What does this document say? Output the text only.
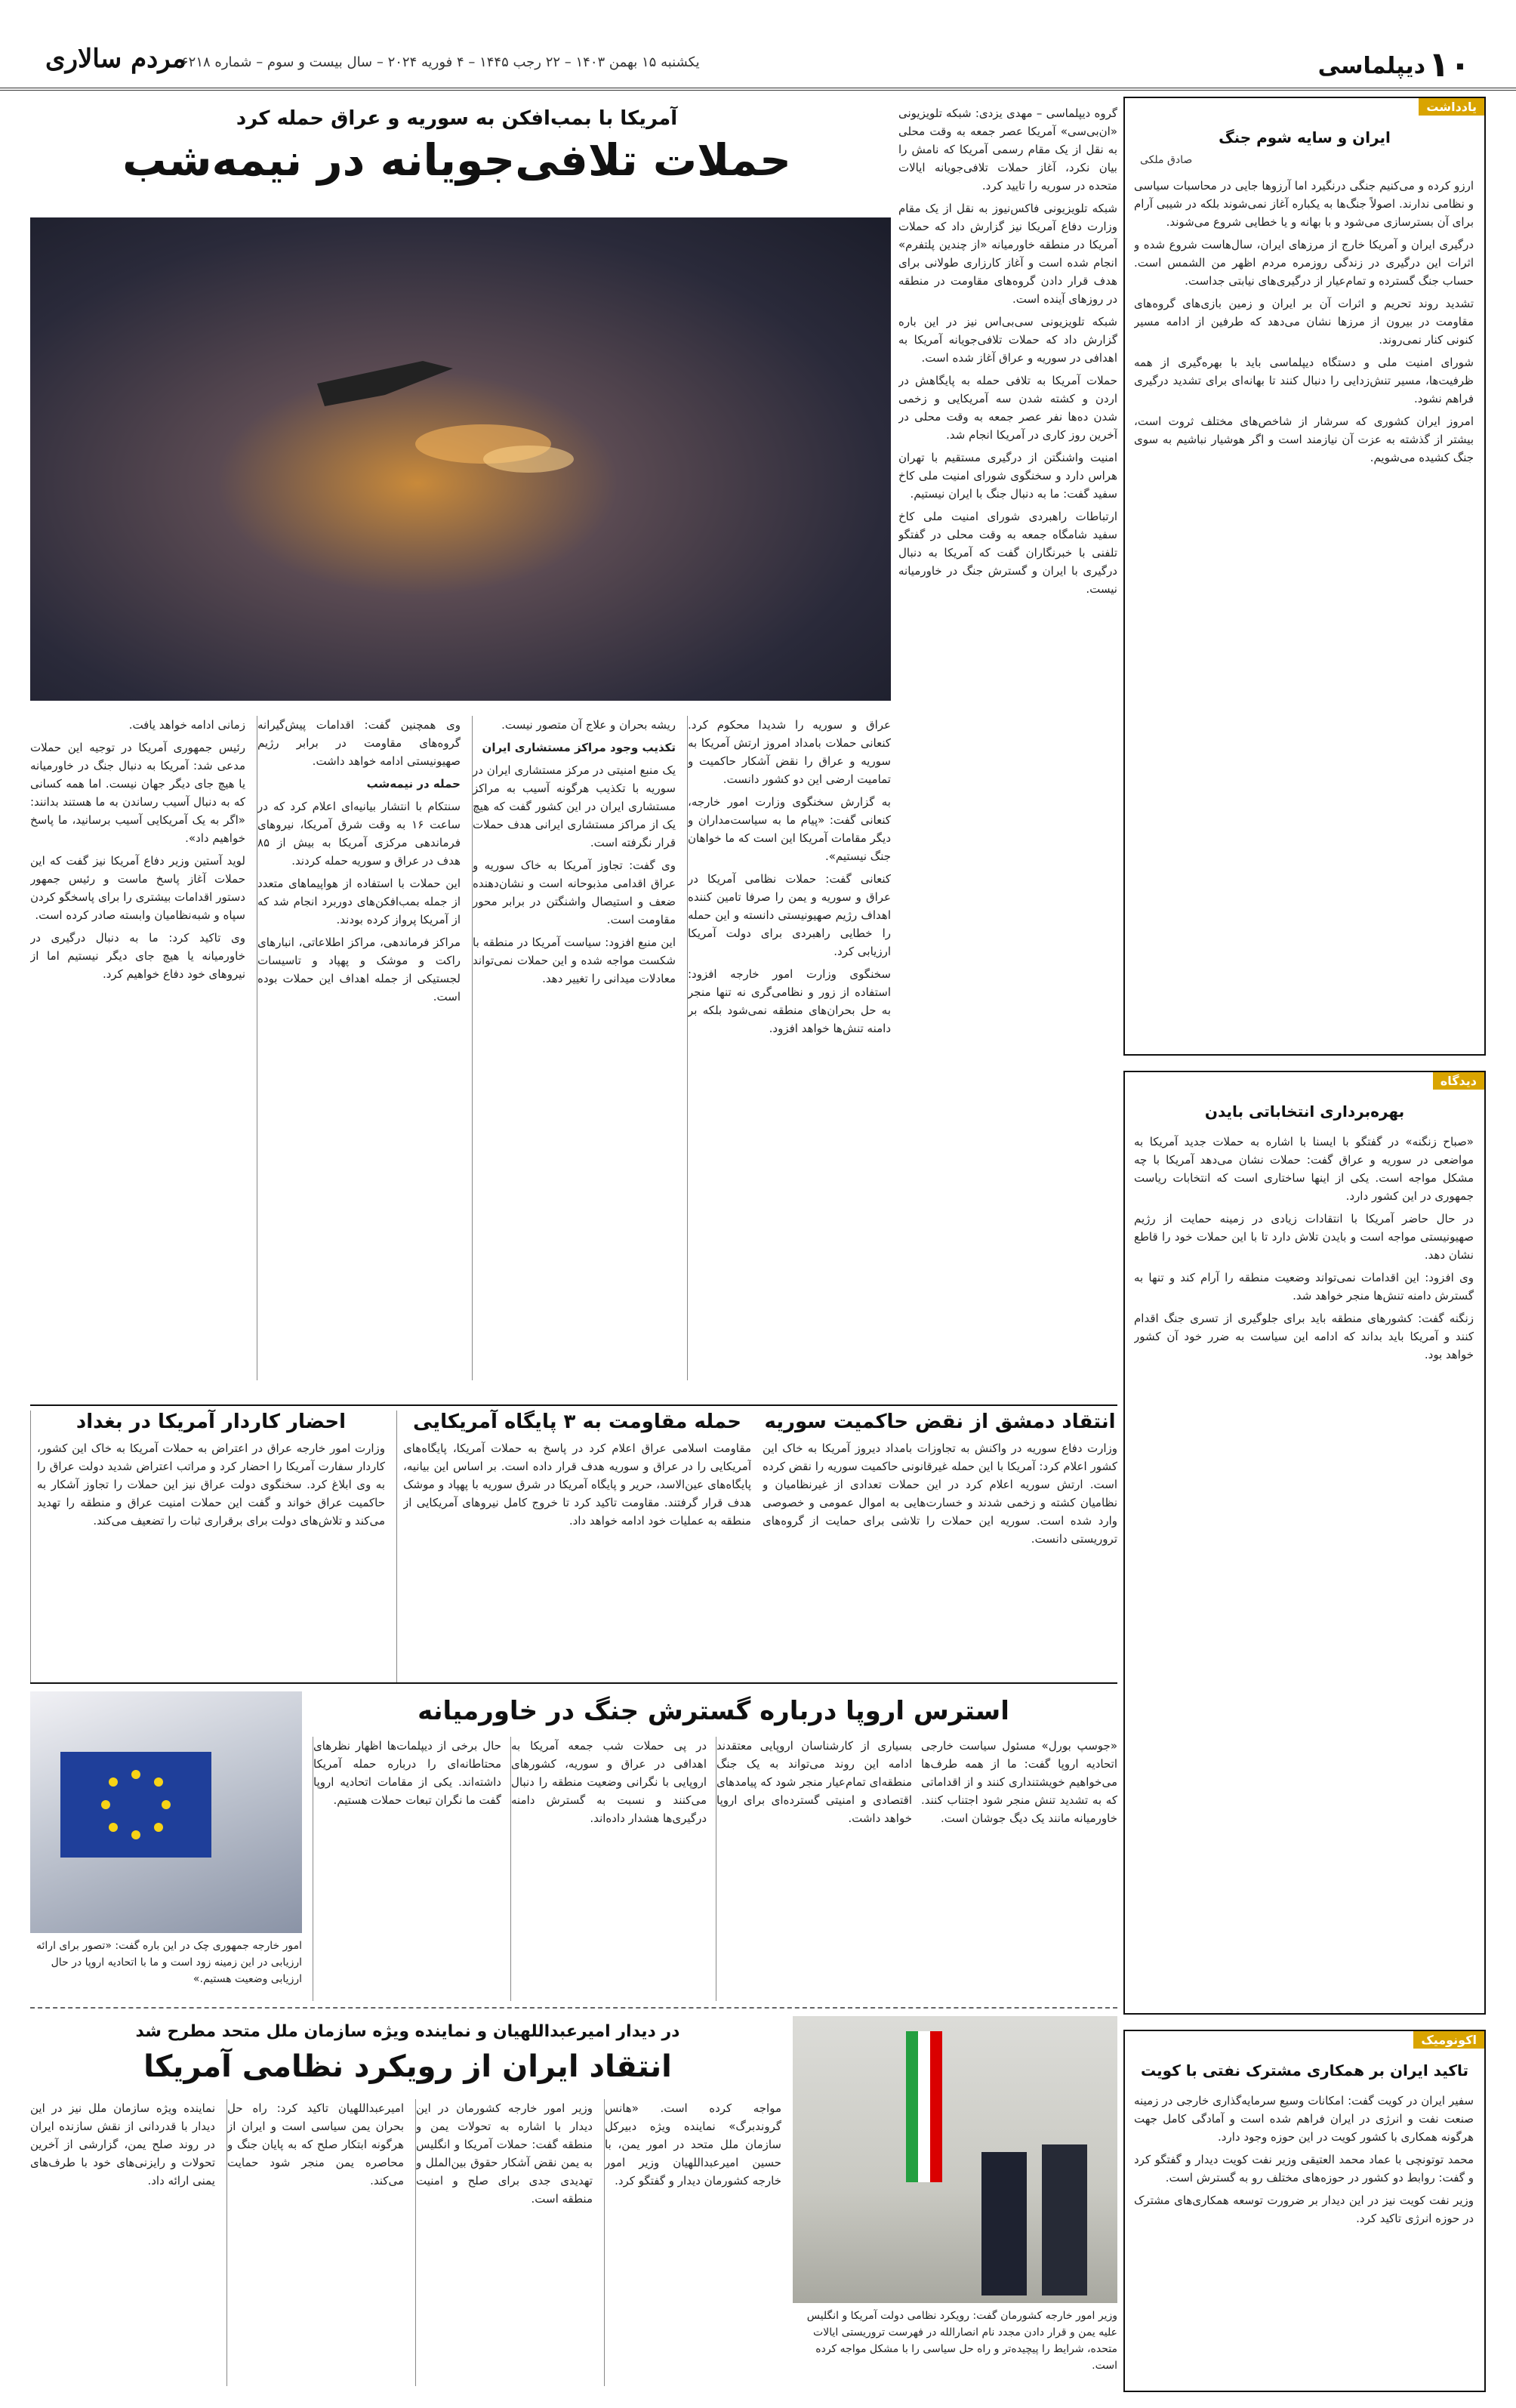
۱۰
دیپلماسی
یکشنبه ۱۵ بهمن ۱۴۰۳ – ۲۲ رجب ۱۴۴۵ – ۴ فوریه ۲۰۲۴ – سال بیست و سوم – شماره ۶۲۱۸
مردم سالاری
یادداشت
ایران و سایه شوم جنگ
صادق ملکی

ارزو کرده و می‌کنیم جنگی درنگیرد اما آرزوها جایی در محاسبات سیاسی و نظامی ندارند. اصولاً جنگ‌ها به یکباره آغاز نمی‌شوند بلکه در شیبی آرام برای آن بسترسازی می‌شود و با بهانه و یا خطایی شروع می‌شوند.

درگیری ایران و آمریکا خارج از مرزهای ایران، سال‌هاست شروع شده و اثرات این درگیری در زندگی روزمره مردم اظهر من الشمس است. حساب جنگ گسترده و تمام‌عیار از درگیری‌های نیابتی جداست.

تشدید روند تحریم و اثرات آن بر ایران و زمین بازی‌های گروه‌های مقاومت در بیرون از مرزها نشان می‌دهد که طرفین از ادامه مسیر کنونی کنار نمی‌روند.

شورای امنیت ملی و دستگاه دیپلماسی باید با بهره‌گیری از همه ظرفیت‌ها، مسیر تنش‌زدایی را دنبال کنند تا بهانه‌ای برای تشدید درگیری فراهم نشود.

امروز ایران کشوری که سرشار از شاخص‌های مختلف ثروت است، بیشتر از گذشته به عزت آن نیازمند است و اگر هوشیار نباشیم به سوی جنگ کشیده می‌شویم.

دیدگاه
بهره‌برداری انتخاباتی بایدن

«صباح زنگنه» در گفتگو با ایسنا با اشاره به حملات جدید آمریکا به مواضعی در سوریه و عراق گفت: حملات نشان می‌دهد آمریکا با چه مشکل مواجه است. یکی از اینها ساختاری است که انتخابات ریاست جمهوری در این کشور دارد.

در حال حاضر آمریکا با انتقادات زیادی در زمینه حمایت از رژیم صهیونیستی مواجه است و بایدن تلاش دارد تا با این حملات خود را قاطع نشان دهد.

وی افزود: این اقدامات نمی‌تواند وضعیت منطقه را آرام کند و تنها به گسترش دامنه تنش‌ها منجر خواهد شد.

زنگنه گفت: کشورهای منطقه باید برای جلوگیری از تسری جنگ اقدام کنند و آمریکا باید بداند که ادامه این سیاست به ضرر خود آن کشور خواهد بود.

اکونومیک
تاکید ایران بر همکاری مشترک نفتی با کویت

سفیر ایران در کویت گفت: امکانات وسیع سرمایه‌گذاری خارجی در زمینه صنعت نفت و انرژی در ایران فراهم شده است و آمادگی کامل جهت هرگونه همکاری با کشور کویت در این حوزه وجود دارد.

محمد توتونچی با عماد محمد العتیقی وزیر نفت کویت دیدار و گفتگو کرد و گفت: روابط دو کشور در حوزه‌های مختلف رو به گسترش است.

وزیر نفت کویت نیز در این دیدار بر ضرورت توسعه همکاری‌های مشترک در حوزه انرژی تاکید کرد.

گروه دیپلماسی – مهدی یزدی: شبکه تلویزیونی «ان‌بی‌سی» آمریکا عصر جمعه به وقت محلی به نقل از یک مقام رسمی آمریکا که نامش را بیان نکرد، آغاز حملات تلافی‌جویانه ایالات متحده در سوریه را تایید کرد.

شبکه تلویزیونی فاکس‌نیوز به نقل از یک مقام وزارت دفاع آمریکا نیز گزارش داد که حملات آمریکا در منطقه خاورمیانه «از چندین پلتفرم» انجام شده است و آغاز کارزاری طولانی برای هدف قرار دادن گروه‌های مقاومت در منطقه در روزهای آینده است.

شبکه تلویزیونی سی‌بی‌اس نیز در این باره گزارش داد که حملات تلافی‌جویانه آمریکا به اهدافی در سوریه و عراق آغاز شده است.

حملات آمریکا به تلافی حمله به پایگاهش در اردن و کشته شدن سه آمریکایی و زخمی شدن ده‌ها نفر عصر جمعه به وقت محلی در آخرین روز کاری در آمریکا انجام شد.

امنیت واشنگتن از درگیری مستقیم با تهران هراس دارد و سخنگوی شورای امنیت ملی کاخ سفید گفت: ما به دنبال جنگ با ایران نیستیم.

ارتباطات راهبردی شورای امنیت ملی کاخ سفید شامگاه جمعه به وقت محلی در گفتگو تلفنی با خبرنگاران گفت که آمریکا به دنبال درگیری با ایران و گسترش جنگ در خاورمیانه نیست.

آمریکا با بمب‌افکن به سوریه و عراق حمله کرد
حملات تلافی‌جویانه در نیمه‌شب

عراق و سوریه را شدیدا محکوم کرد. کنعانی حملات بامداد امروز ارتش آمریکا به سوریه و عراق را نقض آشکار حاکمیت و تمامیت ارضی این دو کشور دانست.

به گزارش سخنگوی وزارت امور خارجه، کنعانی گفت: «پیام ما به سیاست‌مداران و دیگر مقامات آمریکا این است که ما خواهان جنگ نیستیم».

کنعانی گفت: حملات نظامی آمریکا در عراق و سوریه و یمن را صرفا تامین کننده اهداف رژیم صهیونیستی دانسته و این حمله را خطایی راهبردی برای دولت آمریکا ارزیابی کرد.

سخنگوی وزارت امور خارجه افزود: استفاده از زور و نظامی‌گری نه تنها منجر به حل بحران‌های منطقه نمی‌شود بلکه بر دامنه تنش‌ها خواهد افزود.

ریشه بحران و علاج آن متصور نیست.

تکذیب وجود مراکز مستشاری ایران

یک منبع امنیتی در مرکز مستشاری ایران در سوریه با تکذیب هرگونه آسیب به مراکز مستشاری ایران در این کشور گفت که هیچ یک از مراکز مستشاری ایرانی هدف حملات قرار نگرفته است.

وی گفت: تجاوز آمریکا به خاک سوریه و عراق اقدامی مذبوحانه است و نشان‌دهنده ضعف و استیصال واشنگتن در برابر محور مقاومت است.

این منبع افزود: سیاست آمریکا در منطقه با شکست مواجه شده و این حملات نمی‌تواند معادلات میدانی را تغییر دهد.

وی همچنین گفت: اقدامات پیش‌گیرانه گروه‌های مقاومت در برابر رژیم صهیونیستی ادامه خواهد داشت.

حمله در نیمه‌شب

سنتکام با انتشار بیانیه‌ای اعلام کرد که در ساعت ۱۶ به وقت شرق آمریکا، نیروهای فرماندهی مرکزی آمریکا به بیش از ۸۵ هدف در عراق و سوریه حمله کردند.

این حملات با استفاده از هواپیماهای متعدد از جمله بمب‌افکن‌های دوربرد انجام شد که از آمریکا پرواز کرده بودند.

مراکز فرماندهی، مراکز اطلاعاتی، انبارهای راکت و موشک و پهپاد و تاسیسات لجستیکی از جمله اهداف این حملات بوده است.

زمانی ادامه خواهد یافت.

رئیس جمهوری آمریکا در توجیه این حملات مدعی شد: آمریکا به دنبال جنگ در خاورمیانه یا هیچ جای دیگر جهان نیست. اما همه کسانی که به دنبال آسیب رساندن به ما هستند بدانند: «اگر به یک آمریکایی آسیب برسانید، ما پاسخ خواهیم داد».

لوید آستین وزیر دفاع آمریکا نیز گفت که این حملات آغاز پاسخ ماست و رئیس جمهور دستور اقدامات بیشتری را برای پاسخگو کردن سپاه و شبه‌نظامیان وابسته صادر کرده است.

وی تاکید کرد: ما به دنبال درگیری در خاورمیانه یا هیچ جای دیگر نیستیم اما از نیروهای خود دفاع خواهیم کرد.

انتقاد دمشق از نقض حاکمیت سوریه
وزارت دفاع سوریه در واکنش به تجاوزات بامداد دیروز آمریکا به خاک این کشور اعلام کرد: آمریکا با این حمله غیرقانونی حاکمیت سوریه را نقض کرده است. ارتش سوریه اعلام کرد در این حملات تعدادی از غیرنظامیان و نظامیان کشته و زخمی شدند و خسارت‌هایی به اموال عمومی و خصوصی وارد شده است. سوریه این حملات را تلاشی برای حمایت از گروه‌های تروریستی دانست.
حمله مقاومت به ۳ پایگاه آمریکایی
مقاومت اسلامی عراق اعلام کرد در پاسخ به حملات آمریکا، پایگاه‌های آمریکایی را در عراق و سوریه هدف قرار داده است. بر اساس این بیانیه، پایگاه‌های عین‌الاسد، حریر و پایگاه آمریکا در شرق سوریه با پهپاد و موشک هدف قرار گرفتند. مقاومت تاکید کرد تا خروج کامل نیروهای آمریکایی از منطقه به عملیات خود ادامه خواهد داد.
احضار کاردار آمریکا در بغداد
وزارت امور خارجه عراق در اعتراض به حملات آمریکا به خاک این کشور، کاردار سفارت آمریکا را احضار کرد و مراتب اعتراض شدید دولت عراق را به وی ابلاغ کرد. سخنگوی دولت عراق نیز این حملات را تجاوز آشکار به حاکمیت عراق خواند و گفت این حملات امنیت عراق و منطقه را تهدید می‌کند و تلاش‌های دولت برای برقراری ثبات را تضعیف می‌کند.
استرس اروپا درباره گسترش جنگ در خاورمیانه
امور خارجه جمهوری چک در این باره گفت: «تصور برای ارائه ارزیابی در این زمینه زود است و ما با اتحادیه اروپا در حال ارزیابی وضعیت هستیم.»
«جوسپ بورل» مسئول سیاست خارجی اتحادیه اروپا گفت: ما از همه طرف‌ها می‌خواهیم خویشتنداری کنند و از اقداماتی که به تشدید تنش منجر شود اجتناب کنند. خاورمیانه مانند یک دیگ جوشان است.
بسیاری از کارشناسان اروپایی معتقدند ادامه این روند می‌تواند به یک جنگ منطقه‌ای تمام‌عیار منجر شود که پیامدهای اقتصادی و امنیتی گسترده‌ای برای اروپا خواهد داشت.
در پی حملات شب جمعه آمریکا به اهدافی در عراق و سوریه، کشورهای اروپایی با نگرانی وضعیت منطقه را دنبال می‌کنند و نسبت به گسترش دامنه درگیری‌ها هشدار داده‌اند.
حال برخی از دیپلمات‌ها اظهار نظرهای محتاطانه‌ای را درباره حمله آمریکا داشته‌اند. یکی از مقامات اتحادیه اروپا گفت ما نگران تبعات حملات هستیم.
در دیدار امیرعبداللهیان و نماینده ویژه سازمان ملل متحد مطرح شد
انتقاد ایران از رویکرد نظامی آمریکا
وزیر امور خارجه کشورمان گفت: رویکرد نظامی دولت آمریکا و انگلیس علیه یمن و قرار دادن مجدد نام انصارالله در فهرست تروریستی ایالات متحده، شرایط را پیچیده‌تر و راه حل سیاسی را با مشکل مواجه کرده است.
مواجه کرده است. «هانس گروندبرگ» نماینده ویژه دبیرکل سازمان ملل متحد در امور یمن، با حسین امیرعبداللهیان وزیر امور خارجه کشورمان دیدار و گفتگو کرد.
وزیر امور خارجه کشورمان در این دیدار با اشاره به تحولات یمن و منطقه گفت: حملات آمریکا و انگلیس به یمن نقض آشکار حقوق بین‌الملل و تهدیدی جدی برای صلح و امنیت منطقه است.
امیرعبداللهیان تاکید کرد: راه حل بحران یمن سیاسی است و ایران از هرگونه ابتکار صلح که به پایان جنگ و محاصره یمن منجر شود حمایت می‌کند.
نماینده ویژه سازمان ملل نیز در این دیدار با قدردانی از نقش سازنده ایران در روند صلح یمن، گزارشی از آخرین تحولات و رایزنی‌های خود با طرف‌های یمنی ارائه داد.
